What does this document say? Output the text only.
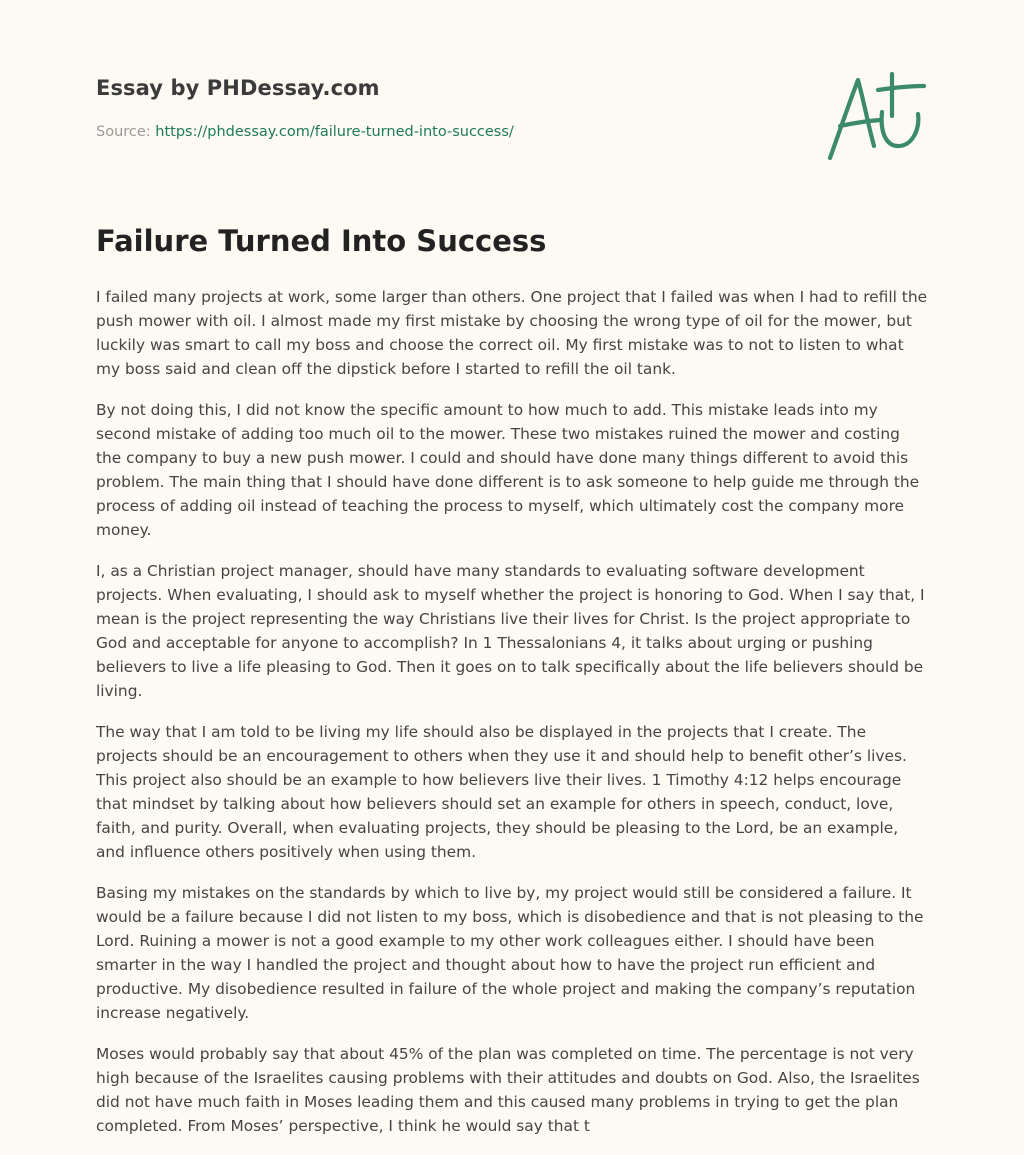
Essay by PHDessay.com
Source: https://phdessay.com/failure-turned-into-success/
Failure Turned Into Success

I failed many projects at work, some larger than others. One project that I failed was when I had to refill the push mower with oil. I almost made my first mistake by choosing the wrong type of oil for the mower, but luckily was smart to call my boss and choose the correct oil. My first mistake was to not to listen to what my boss said and clean off the dipstick before I started to refill the oil tank.

By not doing this, I did not know the specific amount to how much to add. This mistake leads into my second mistake of adding too much oil to the mower. These two mistakes ruined the mower and costing the company to buy a new push mower. I could and should have done many things different to avoid this problem. The main thing that I should have done different is to ask someone to help guide me through the process of adding oil instead of teaching the process to myself, which ultimately cost the company more money.

I, as a Christian project manager, should have many standards to evaluating software development projects. When evaluating, I should ask to myself whether the project is honoring to God. When I say that, I mean is the project representing the way Christians live their lives for Christ. Is the project appropriate to God and acceptable for anyone to accomplish? In 1 Thessalonians 4, it talks about urging or pushing believers to live a life pleasing to God. Then it goes on to talk specifically about the life believers should be living.

The way that I am told to be living my life should also be displayed in the projects that I create. The projects should be an encouragement to others when they use it and should help to benefit other’s lives. This project also should be an example to how believers live their lives. 1 Timothy 4:12 helps encourage that mindset by talking about how believers should set an example for others in speech, conduct, love, faith, and purity. Overall, when evaluating projects, they should be pleasing to the Lord, be an example, and influence others positively when using them.

Basing my mistakes on the standards by which to live by, my project would still be considered a failure. It would be a failure because I did not listen to my boss, which is disobedience and that is not pleasing to the Lord. Ruining a mower is not a good example to my other work colleagues either. I should have been smarter in the way I handled the project and thought about how to have the project run efficient and productive. My disobedience resulted in failure of the whole project and making the company’s reputation increase negatively.

Moses would probably say that about 45% of the plan was completed on time. The percentage is not very high because of the Israelites causing problems with their attitudes and doubts on God. Also, the Israelites did not have much faith in Moses leading them and this caused many problems in trying to get the plan completed. From Moses’ perspective, I think he would say that t
